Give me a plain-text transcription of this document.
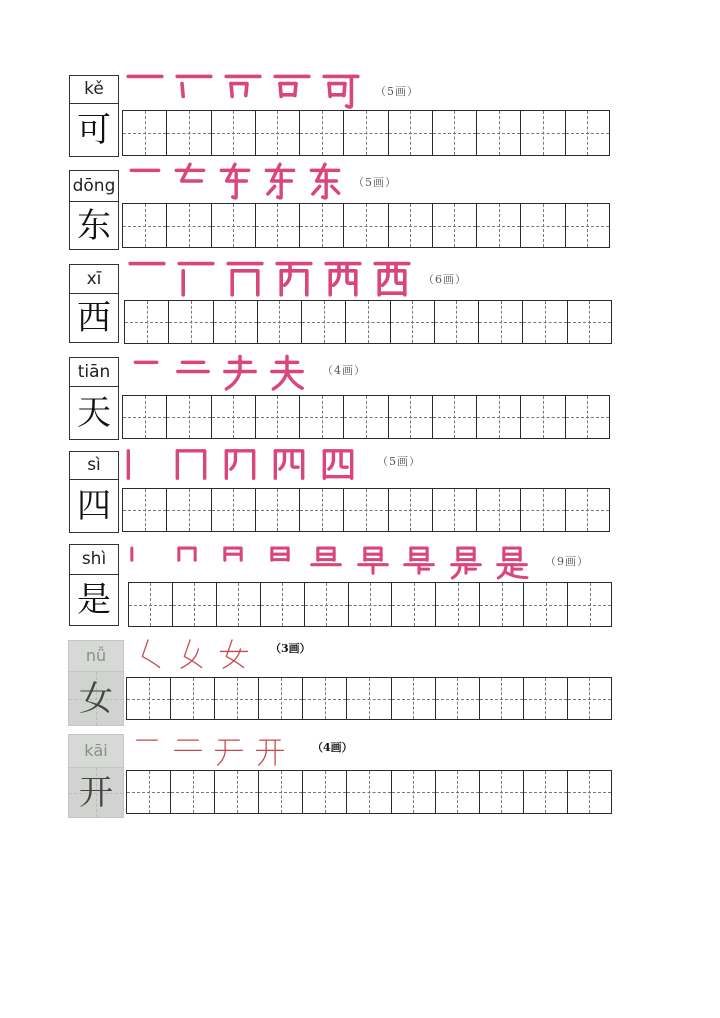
kě
可
（5画）
dōng
东
（5画）
xī
西
（6画）
tiān
天
（4画）
sì
四
（5画）
shì
是
（9画）
nǚ
女
（3画）
kāi
开
（4画）
